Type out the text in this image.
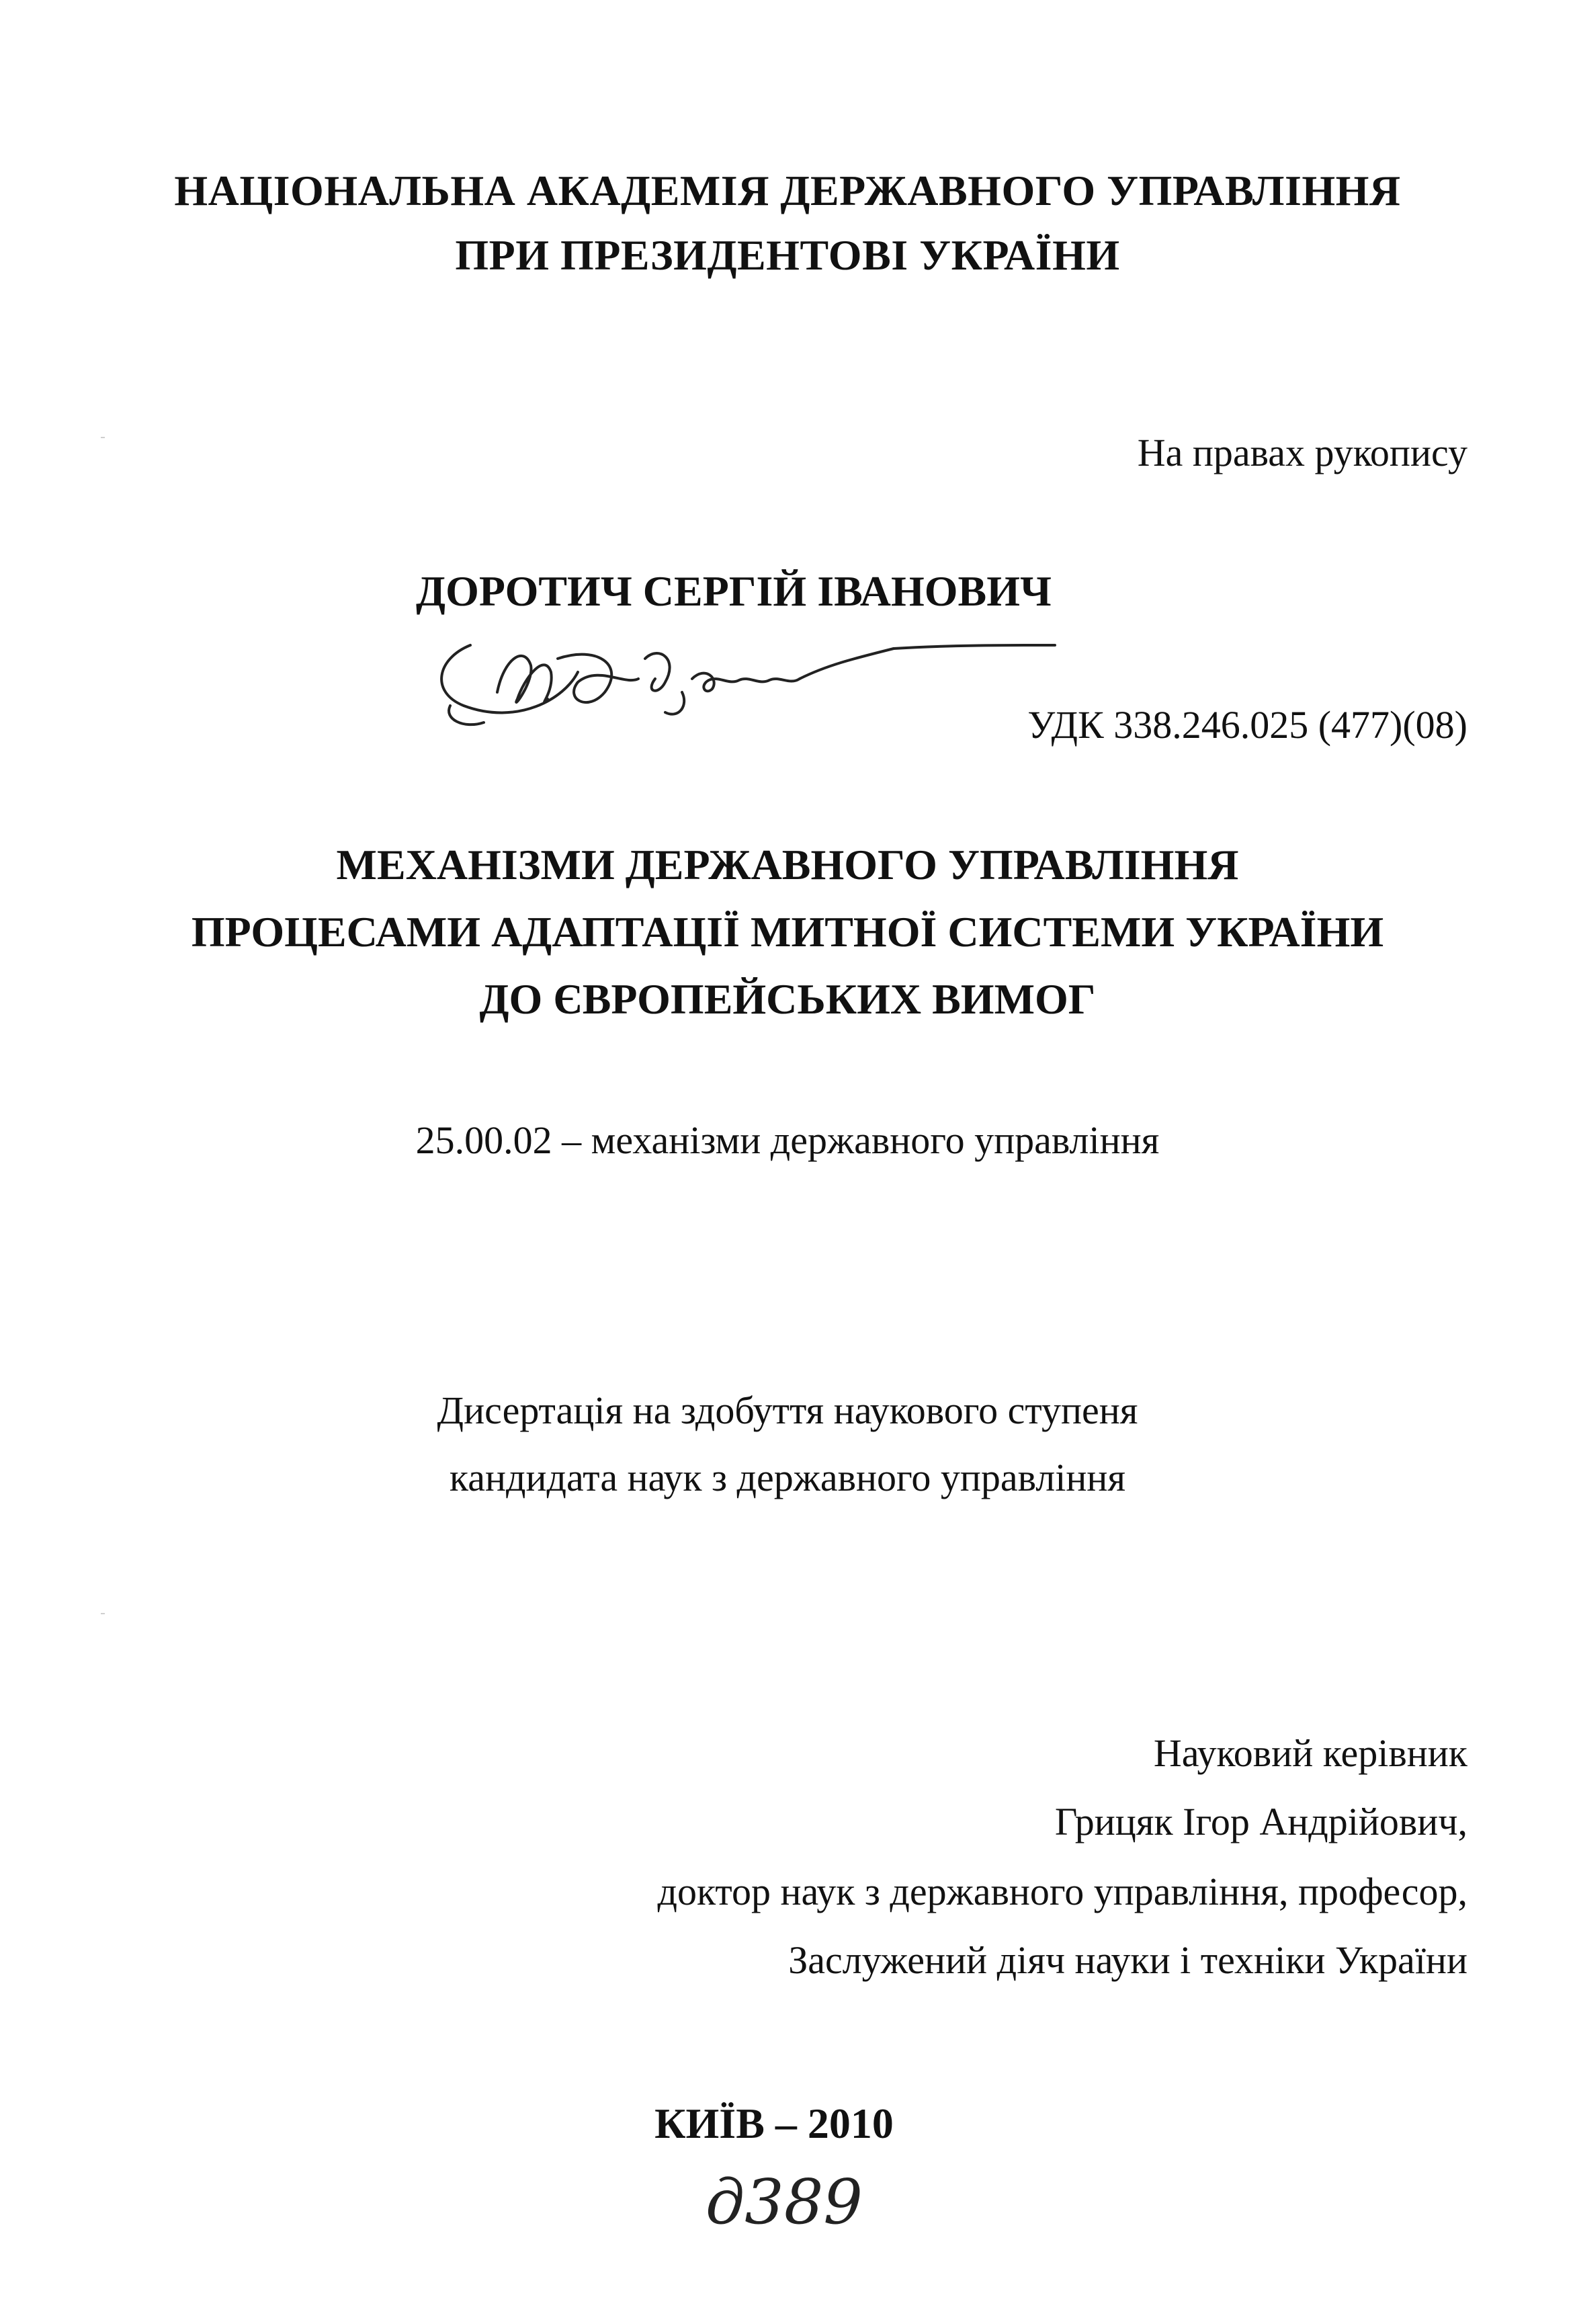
НАЦІОНАЛЬНА АКАДЕМІЯ ДЕРЖАВНОГО УПРАВЛІННЯ
ПРИ ПРЕЗИДЕНТОВІ УКРАЇНИ
На правах рукопису
ДОРОТИЧ СЕРГІЙ ІВАНОВИЧ
УДК 338.246.025 (477)(08)
МЕХАНІЗМИ ДЕРЖАВНОГО УПРАВЛІННЯ
ПРОЦЕСАМИ АДАПТАЦІЇ МИТНОЇ СИСТЕМИ УКРАЇНИ
ДО ЄВРОПЕЙСЬКИХ ВИМОГ
25.00.02 – механізми державного управління
Дисертація на здобуття наукового ступеня
кандидата наук з державного управління
Науковий керівник
Грицяк Ігор Андрійович,
доктор наук з державного управління, професор,
Заслужений діяч науки і техніки України
КИЇВ – 2010
д389
